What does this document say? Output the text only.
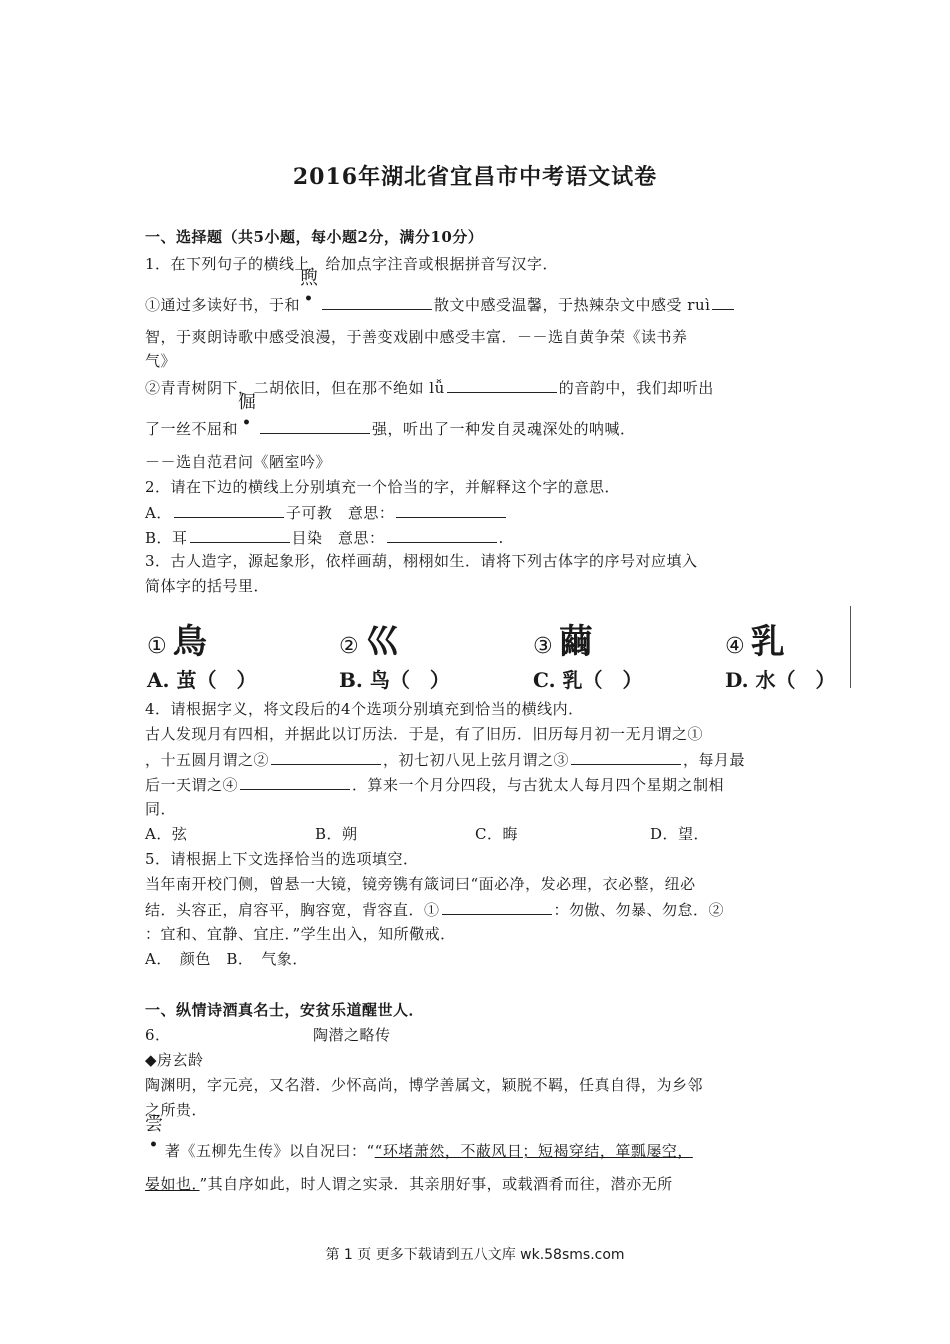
2016年湖北省宜昌市中考语文试卷
一、选择题（共5小题，每小题2分，满分10分）
1．在下列句子的横线上，给加点字注音或根据拼音写汉字．
①通过多读好书，于和
煦
•	散文中感受温馨，于热辣杂文中感受 ruì
智，于爽朗诗歌中感受浪漫，于善变戏剧中感受丰富．－－选自黄争荣《读书养
气》
②青青树阴下，二胡依旧，但在那不绝如 lǚ	的音韵中，我们却听出
了一丝不屈和
倔
•	强，听出了一种发自灵魂深处的呐喊．
－－选自范君问《陋室吟》
2．请在下边的横线上分别填充一个恰当的字，并解释这个字的意思．
A．	子可教　意思：
B．耳	目染　意思：	.
3．古人造字，源起象形，依样画葫，栩栩如生．请将下列古体字的序号对应填入
简体字的括号里．
① 鳥	② 巛	③ 繭	④ 乳
A. 茧（　）	B. 鸟（　）	C. 乳（　）	D. 水（　）
4．请根据字义，将文段后的4个选项分别填充到恰当的横线内．
古人发现月有四相，并据此以订历法．于是，有了旧历．旧历每月初一无月谓之①
，十五圆月谓之②	，初七初八见上弦月谓之③	，每月最
后一天谓之④	．算来一个月分四段，与古犹太人每月四个星期之制相
同．
A．弦	B．朔	C．晦	D．望．
5．请根据上下文选择恰当的选项填空．
当年南开校门侧，曾悬一大镜，镜旁镌有箴词曰“面必净，发必理，衣必整，纽必
结．头容正，肩容平，胸容宽，背容直．①	：勿傲、勿暴、勿怠．②
：宜和、宜静、宜庄．”学生出入，知所儆戒．
A．　颜色　B．　气象．
一、纵情诗酒真名士，安贫乐道醒世人．
6．	陶潜之略传
◆房玄龄
陶渊明，字元亮，又名潜．少怀高尚，博学善属文，颖脱不羁，任真自得，为乡邻
之所贵．
尝
• 著《五柳先生传》以自况曰：““环堵萧然，不蔽风日；短褐穿结，箪瓢屡空，
晏如也．”其自序如此，时人谓之实录．其亲朋好事，或载酒肴而往，潜亦无所
第 1 页 更多下载请到五八文库 wk.58sms.com
